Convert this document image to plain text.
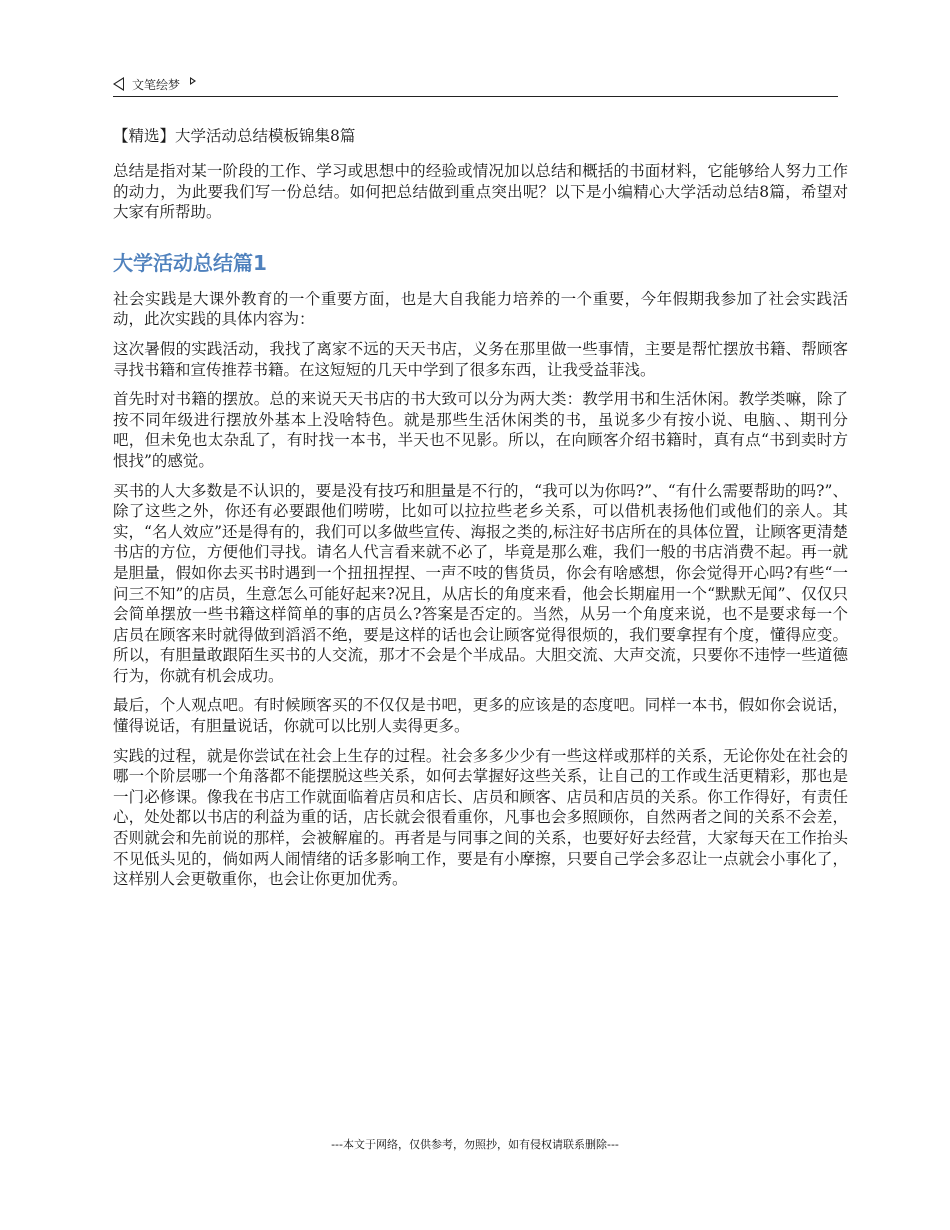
文笔绘梦
【精选】大学活动总结模板锦集8篇

总结是指对某一阶段的工作、学习或思想中的经验或情况加以总结和概括的书面材料，它能够给人努力工作的动力，为此要我们写一份总结。如何把总结做到重点突出呢？以下是小编精心大学活动总结8篇，希望对大家有所帮助。

大学活动总结篇1

社会实践是大课外教育的一个重要方面，也是大自我能力培养的一个重要，今年假期我参加了社会实践活动，此次实践的具体内容为：

这次暑假的实践活动，我找了离家不远的天天书店，义务在那里做一些事情，主要是帮忙摆放书籍、帮顾客寻找书籍和宣传推荐书籍。在这短短的几天中学到了很多东西，让我受益菲浅。

首先时对书籍的摆放。总的来说天天书店的书大致可以分为两大类：教学用书和生活休闲。教学类嘛，除了按不同年级进行摆放外基本上没啥特色。就是那些生活休闲类的书，虽说多少有按小说、电脑、、期刊分吧，但未免也太杂乱了，有时找一本书，半天也不见影。所以，在向顾客介绍书籍时，真有点“书到卖时方恨找”的感觉。

买书的人大多数是不认识的，要是没有技巧和胆量是不行的，“我可以为你吗?”、“有什么需要帮助的吗?”、除了这些之外，你还有必要跟他们唠唠，比如可以拉拉些老乡关系，可以借机表扬他们或他们的亲人。其实，“名人效应”还是得有的，我们可以多做些宣传、海报之类的,标注好书店所在的具体位置，让顾客更清楚书店的方位，方便他们寻找。请名人代言看来就不必了，毕竟是那么难，我们一般的书店消费不起。再一就是胆量，假如你去买书时遇到一个扭扭捏捏、一声不吱的售货员，你会有啥感想，你会觉得开心吗?有些“一问三不知”的店员，生意怎么可能好起来?况且，从店长的角度来看，他会长期雇用一个“默默无闻”、仅仅只会简单摆放一些书籍这样简单的事的店员么?答案是否定的。当然，从另一个角度来说，也不是要求每一个店员在顾客来时就得做到滔滔不绝，要是这样的话也会让顾客觉得很烦的，我们要拿捏有个度，懂得应变。所以，有胆量敢跟陌生买书的人交流，那才不会是个半成品。大胆交流、大声交流，只要你不违悖一些道德行为，你就有机会成功。

最后，个人观点吧。有时候顾客买的不仅仅是书吧，更多的应该是的态度吧。同样一本书，假如你会说话，懂得说话，有胆量说话，你就可以比别人卖得更多。

实践的过程，就是你尝试在社会上生存的过程。社会多多少少有一些这样或那样的关系，无论你处在社会的哪一个阶层哪一个角落都不能摆脱这些关系，如何去掌握好这些关系，让自己的工作或生活更精彩，那也是一门必修课。像我在书店工作就面临着店员和店长、店员和顾客、店员和店员的关系。你工作得好，有责任心，处处都以书店的利益为重的话，店长就会很看重你，凡事也会多照顾你，自然两者之间的关系不会差，否则就会和先前说的那样，会被解雇的。再者是与同事之间的关系，也要好好去经营，大家每天在工作抬头不见低头见的，倘如两人闹情绪的话多影响工作，要是有小摩擦，只要自己学会多忍让一点就会小事化了，这样别人会更敬重你，也会让你更加优秀。

---本文于网络，仅供参考，勿照抄，如有侵权请联系删除---
